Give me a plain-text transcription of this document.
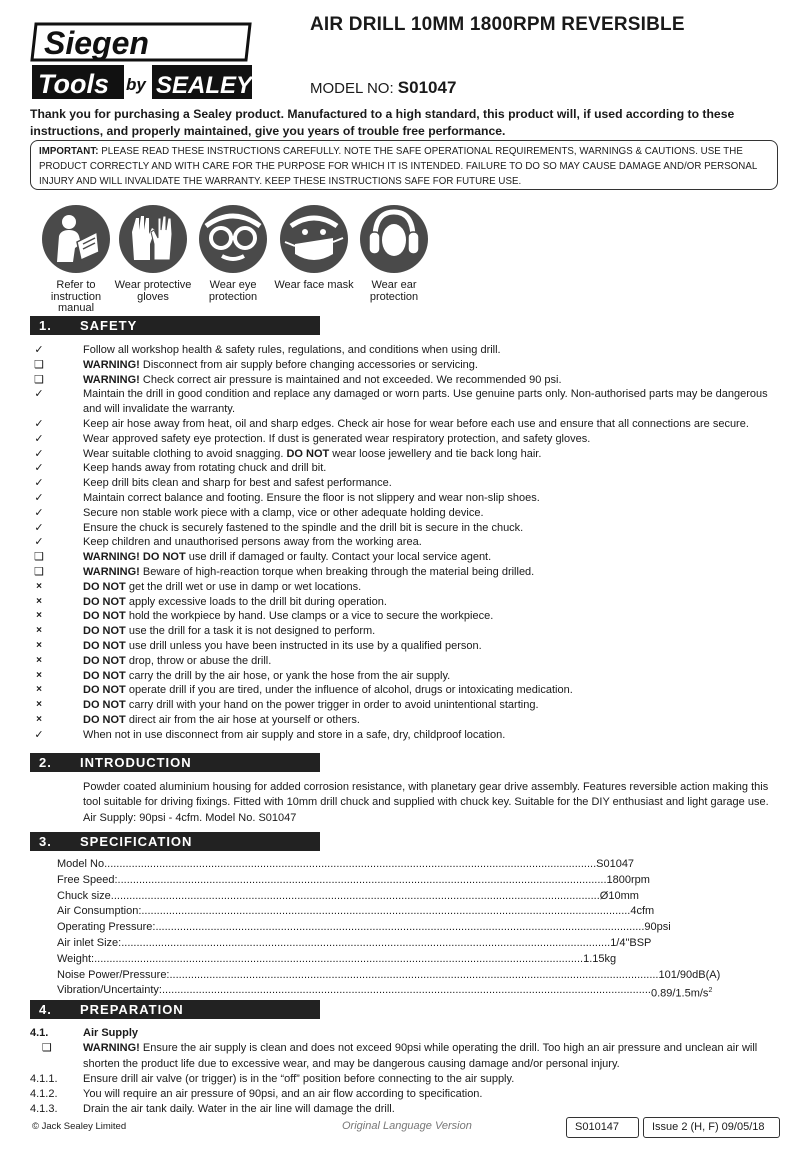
Siegen
Tools by SEALEY
AIR DRILL 10MM 1800RPM REVERSIBLE
MODEL NO: S01047
Thank you for purchasing a Sealey product. Manufactured to a high standard, this product will, if used according to these instructions, and properly maintained, give you years of trouble free performance.
IMPORTANT: PLEASE READ THESE INSTRUCTIONS CAREFULLY. NOTE THE SAFE OPERATIONAL REQUIREMENTS, WARNINGS & CAUTIONS. USE THE PRODUCT CORRECTLY AND WITH CARE FOR THE PURPOSE FOR WHICH IT IS INTENDED. FAILURE TO DO SO MAY CAUSE DAMAGE AND/OR PERSONAL INJURY AND WILL INVALIDATE THE WARRANTY. KEEP THESE INSTRUCTIONS SAFE FOR FUTURE USE.
Refer to instruction manual
Wear protective gloves
Wear eye protection
Wear face mask	Wear ear protection
1. SAFETY
✓	Follow all workshop health & safety rules, regulations, and conditions when using drill.
❑	WARNING! Disconnect from air supply before changing accessories or servicing.
❑	WARNING! Check correct air pressure is maintained and not exceeded. We recommended 90 psi.
✓	Maintain the drill in good condition and replace any damaged or worn parts. Use genuine parts only. Non-authorised parts may be dangerous and will invalidate the warranty.
✓	Keep air hose away from heat, oil and sharp edges. Check air hose for wear before each use and ensure that all connections are secure.
✓	Wear approved safety eye protection. If dust is generated wear respiratory protection, and safety gloves.
✓	Wear suitable clothing to avoid snagging. DO NOT wear loose jewellery and tie back long hair.
✓	Keep hands away from rotating chuck and drill bit.
✓	Keep drill bits clean and sharp for best and safest performance.
✓	Maintain correct balance and footing. Ensure the floor is not slippery and wear non-slip shoes.
✓	Secure non stable work piece with a clamp, vice or other adequate holding device.
✓	Ensure the chuck is securely fastened to the spindle and the drill bit is secure in the chuck.
✓	Keep children and unauthorised persons away from the working area.
❑	WARNING! DO NOT use drill if damaged or faulty. Contact your local service agent.
❑	WARNING! Beware of high-reaction torque when breaking through the material being drilled.
×	DO NOT get the drill wet or use in damp or wet locations.
×	DO NOT apply excessive loads to the drill bit during operation.
×	DO NOT hold the workpiece by hand. Use clamps or a vice to secure the workpiece.
×	DO NOT use the drill for a task it is not designed to perform.
×	DO NOT use drill unless you have been instructed in its use by a qualified person.
×	DO NOT drop, throw or abuse the drill.
×	DO NOT carry the drill by the air hose, or yank the hose from the air supply.
×	DO NOT operate drill if you are tired, under the influence of alcohol, drugs or intoxicating medication.
×	DO NOT carry drill with your hand on the power trigger in order to avoid unintentional starting.
×	DO NOT direct air from the air hose at yourself or others.
✓	When not in use disconnect from air supply and store in a safe, dry, childproof location.
2. INTRODUCTION
Powder coated aluminium housing for added corrosion resistance, with planetary gear drive assembly. Features reversible action making this tool suitable for driving fixings. Fitted with 10mm drill chuck and supplied with chuck key. Suitable for the DIY enthusiast and light garage use. Air Supply: 90psi - 4cfm. Model No. S01047
3. SPECIFICATION
Model No. ................................................................................................................................................................ S01047
Free Speed: ................................................................................................................................................................ 1800rpm
Chuck size ................................................................................................................................................................ Ø10mm
Air Consumption: ................................................................................................................................................................ 4cfm
Operating Pressure: ................................................................................................................................................................ 90psi
Air inlet Size: ................................................................................................................................................................ 1/4"BSP
Weight: ................................................................................................................................................................ 1.15kg
Noise Power/Pressure: ................................................................................................................................................................ 101/90dB(A)
Vibration/Uncertainty: ................................................................................................................................................................ $0.89/1.5m/s^2$
4. PREPARATION
4.1.	Air Supply
❑	WARNING! Ensure the air supply is clean and does not exceed 90psi while operating the drill. Too high an air pressure and unclean air will shorten the product life due to excessive wear, and may be dangerous causing damage and/or personal injury.
4.1.1. Ensure drill air valve (or trigger) is in the “off” position before connecting to the air supply.
4.1.2. You will require an air pressure of 90psi, and an air flow according to specification.
4.1.3. Drain the air tank daily. Water in the air line will damage the drill.
© Jack Sealey Limited	Original Language Version	S010147	Issue 2 (H, F) 09/05/18
